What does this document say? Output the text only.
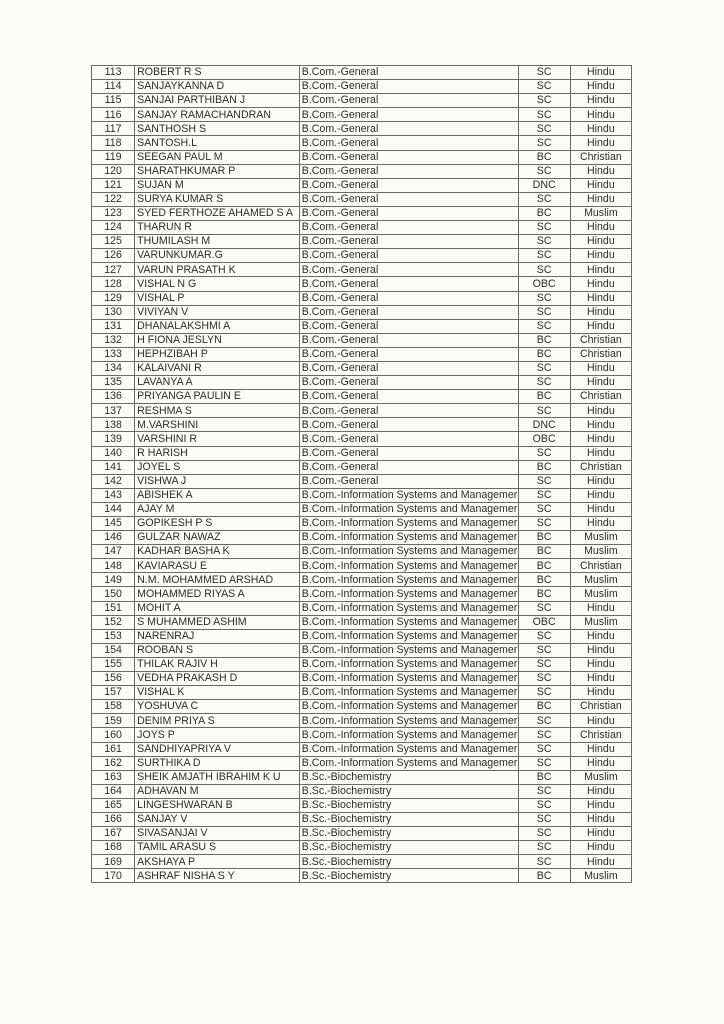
113	ROBERT R S	B.Com.-General	SC	Hindu
114	SANJAYKANNA D	B.Com.-General	SC	Hindu
115	SANJAI PARTHIBAN J	B.Com.-General	SC	Hindu
116	SANJAY RAMACHANDRAN	B.Com.-General	SC	Hindu
117	SANTHOSH S	B.Com.-General	SC	Hindu
118	SANTOSH.L	B.Com.-General	SC	Hindu
119	SEEGAN PAUL M	B.Com.-General	BC	Christian
120	SHARATHKUMAR P	B.Com.-General	SC	Hindu
121	SUJAN M	B.Com.-General	DNC	Hindu
122	SURYA KUMAR S	B.Com.-General	SC	Hindu
123	SYED FERTHOZE AHAMED S A	B.Com.-General	BC	Muslim
124	THARUN R	B.Com.-General	SC	Hindu
125	THUMILASH M	B.Com.-General	SC	Hindu
126	VARUNKUMAR.G	B.Com.-General	SC	Hindu
127	VARUN PRASATH K	B.Com.-General	SC	Hindu
128	VISHAL N G	B.Com.-General	OBC	Hindu
129	VISHAL P	B.Com.-General	SC	Hindu
130	VIVIYAN V	B.Com.-General	SC	Hindu
131	DHANALAKSHMI A	B.Com.-General	SC	Hindu
132	H FIONA JESLYN	B.Com.-General	BC	Christian
133	HEPHZIBAH P	B.Com.-General	BC	Christian
134	KALAIVANI R	B.Com.-General	SC	Hindu
135	LAVANYA A	B.Com.-General	SC	Hindu
136	PRIYANGA PAULIN E	B.Com.-General	BC	Christian
137	RESHMA S	B.Com.-General	SC	Hindu
138	M.VARSHINI	B.Com.-General	DNC	Hindu
139	VARSHINI R	B.Com.-General	OBC	Hindu
140	R HARISH	B.Com.-General	SC	Hindu
141	JOYEL S	B.Com.-General	BC	Christian
142	VISHWA J	B.Com.-General	SC	Hindu
143	ABISHEK A	B.Com.-Information Systems and Managemer	SC	Hindu
144	AJAY M	B.Com.-Information Systems and Managemer	SC	Hindu
145	GOPIKESH P S	B.Com.-Information Systems and Managemer	SC	Hindu
146	GULZAR NAWAZ	B.Com.-Information Systems and Managemer	BC	Muslim
147	KADHAR BASHA K	B.Com.-Information Systems and Managemer	BC	Muslim
148	KAVIARASU E	B.Com.-Information Systems and Managemer	BC	Christian
149	N.M. MOHAMMED ARSHAD	B.Com.-Information Systems and Managemer	BC	Muslim
150	MOHAMMED RIYAS A	B.Com.-Information Systems and Managemer	BC	Muslim
151	MOHIT A	B.Com.-Information Systems and Managemer	SC	Hindu
152	S MUHAMMED ASHIM	B.Com.-Information Systems and Managemer	OBC	Muslim
153	NARENRAJ	B.Com.-Information Systems and Managemer	SC	Hindu
154	ROOBAN S	B.Com.-Information Systems and Managemer	SC	Hindu
155	THILAK RAJIV H	B.Com.-Information Systems and Managemer	SC	Hindu
156	VEDHA PRAKASH D	B.Com.-Information Systems and Managemer	SC	Hindu
157	VISHAL K	B.Com.-Information Systems and Managemer	SC	Hindu
158	YOSHUVA C	B.Com.-Information Systems and Managemer	BC	Christian
159	DENIM PRIYA S	B.Com.-Information Systems and Managemer	SC	Hindu
160	JOYS P	B.Com.-Information Systems and Managemer	SC	Christian
161	SANDHIYAPRIYA V	B.Com.-Information Systems and Managemer	SC	Hindu
162	SURTHIKA D	B.Com.-Information Systems and Managemer	SC	Hindu
163	SHEIK AMJATH IBRAHIM K U	B.Sc.-Biochemistry	BC	Muslim
164	ADHAVAN M	B.Sc.-Biochemistry	SC	Hindu
165	LINGESHWARAN B	B.Sc.-Biochemistry	SC	Hindu
166	SANJAY V	B.Sc.-Biochemistry	SC	Hindu
167	SIVASANJAI V	B.Sc.-Biochemistry	SC	Hindu
168	TAMIL ARASU S	B.Sc.-Biochemistry	SC	Hindu
169	AKSHAYA P	B.Sc.-Biochemistry	SC	Hindu
170	ASHRAF NISHA S Y	B.Sc.-Biochemistry	BC	Muslim
